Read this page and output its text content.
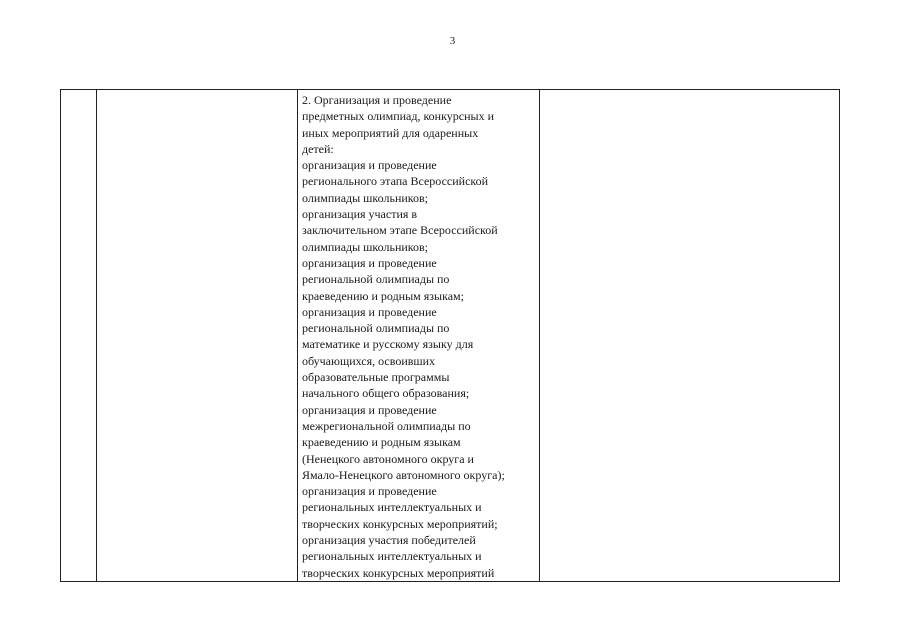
3

2. Организация и проведение
предметных олимпиад, конкурсных и
иных мероприятий для одаренных
детей:
организация и проведение
регионального этапа Всероссийской
олимпиады школьников;
организация участия в
заключительном этапе Всероссийской
олимпиады школьников;
организация и проведение
региональной олимпиады по
краеведению и родным языкам;
организация и проведение
региональной олимпиады по
математике и русскому языку для
обучающихся, освоивших
образовательные программы
начального общего образования;
организация и проведение
межрегиональной олимпиады по
краеведению и родным языкам
(Ненецкого автономного округа и
Ямало-Ненецкого автономного округа);
организация и проведение
региональных интеллектуальных и
творческих конкурсных мероприятий;
организация участия победителей
региональных интеллектуальных и
творческих конкурсных мероприятий
